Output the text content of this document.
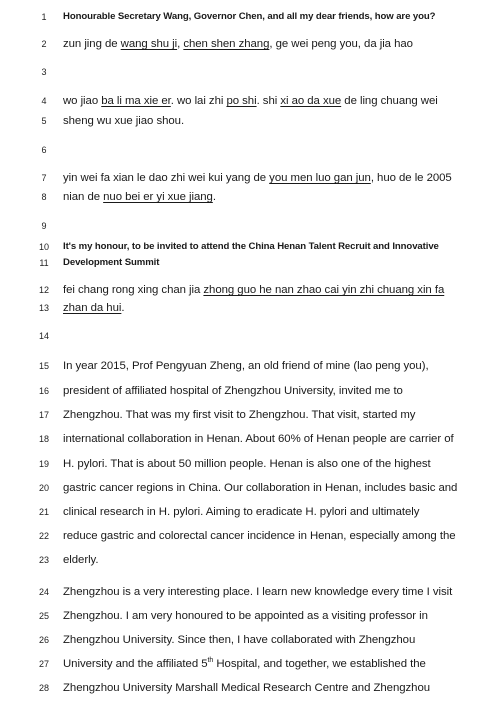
1	Honourable Secretary Wang, Governor Chen, and all my dear friends, how are you?
2	zun jing de wang shu ji, chen shen zhang, ge wei peng you, da jia hao
3
4	wo jiao ba li ma xie er. wo lai zhi po shi. shi xi ao da xue de ling chuang wei
5	sheng wu xue jiao shou.
6
7	yin wei fa xian le dao zhi wei kui yang de you men luo gan jun, huo de le 2005
8	nian de nuo bei er yi xue jiang.
9
10	It's my honour, to be invited to attend the China Henan Talent Recruit and Innovative
11	Development Summit
12	fei chang rong xing chan jia zhong guo he nan zhao cai yin zhi chuang xin fa
13	zhan da hui.
14
15	In year 2015, Prof Pengyuan Zheng, an old friend of mine (lao peng you),
16	president of affiliated hospital of Zhengzhou University, invited me to
17	Zhengzhou. That was my first visit to Zhengzhou. That visit, started my
18	international collaboration in Henan. About 60% of Henan people are carrier of
19	H. pylori. That is about 50 million people. Henan is also one of the highest
20	gastric cancer regions in China. Our collaboration in Henan, includes basic and
21	clinical research in H. pylori. Aiming to eradicate H. pylori and ultimately
22	reduce gastric and colorectal cancer incidence in Henan, especially among the
23	elderly.
24	Zhengzhou is a very interesting place. I learn new knowledge every time I visit
25	Zhengzhou. I am very honoured to be appointed as a visiting professor in
26	Zhengzhou University. Since then, I have collaborated with Zhengzhou
27	University and the affiliated 5th Hospital, and together, we established the
28	Zhengzhou University Marshall Medical Research Centre and Zhengzhou
